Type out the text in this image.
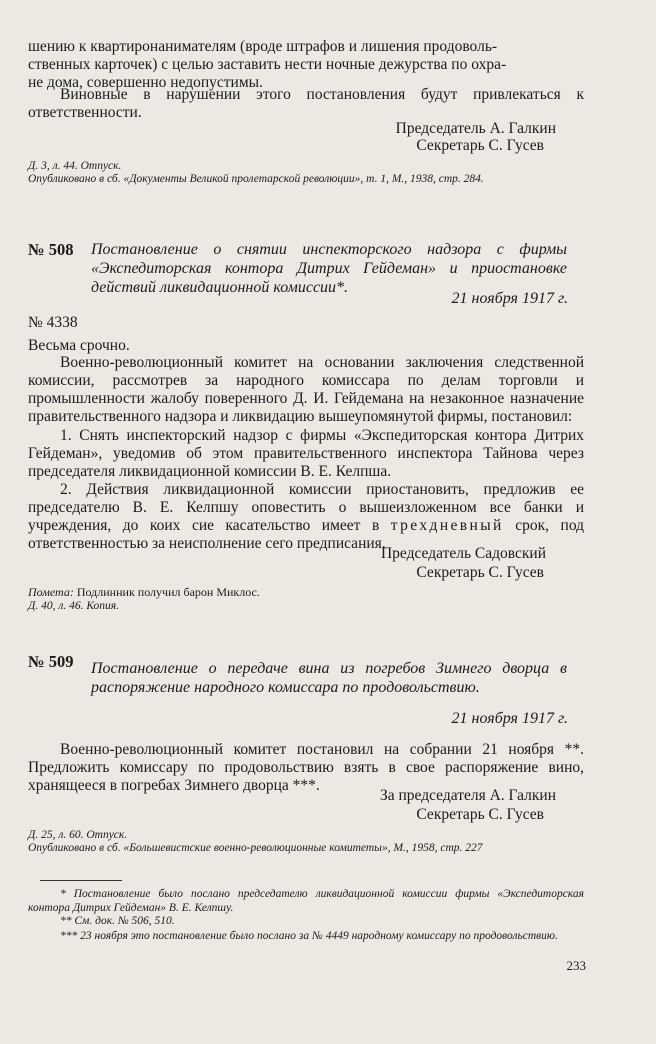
шению к квартиронанимателям (вроде штрафов и лишения продоволь-
ственных карточек) с целью заставить нести ночные дежурства по охра-
не дома, совершенно недопустимы.
Виновные в нарушении этого постановления будут привлекаться к ответственности.
Председатель А. Галкин
Секретарь С. Гусев
Д. 3, л. 44. Отпуск.
Опубликовано в сб. «Документы Великой пролетарской революции», т. 1, М., 1938, стр. 284.
№ 508 Постановление о снятии инспекторского надзора с фирмы «Экспедиторская контора Дитрих Гейдеман» и приостановке действий ликвидационной комиссии*.
21 ноября 1917 г.
№ 4338
Весьма срочно.
Военно-революционный комитет на основании заключения следственной комиссии, рассмотрев за народного комиссара по делам торговли и промышленности жалобу поверенного Д. И. Гейдемана на незаконное назначение правительственного надзора и ликвидацию вышеупомянутой фирмы, постановил:
1. Снять инспекторский надзор с фирмы «Экспедиторская контора Дитрих Гейдеман», уведомив об этом правительственного инспектора Тайнова через председателя ликвидационной комиссии В. Е. Келпша.
2. Действия ликвидационной комиссии приостановить, предложив ее председателю В. Е. Келпшу оповестить о вышеизложенном все банки и учреждения, до коих сие касательство имеет в трехдневный срок, под ответственностью за неисполнение сего предписания.
Председатель Садовский
Секретарь С. Гусев
Помета: Подлинник получил барон Миклос.
Д. 40, л. 46. Копия.
№ 509 Постановление о передаче вина из погребов Зимнего дворца в распоряжение народного комиссара по продовольствию.
21 ноября 1917 г.
Военно-революционный комитет постановил на собрании 21 ноября **. Предложить комиссару по продовольствию взять в свое распоряжение вино, хранящееся в погребах Зимнего дворца ***.
За председателя А. Галкин
Секретарь С. Гусев
Д. 25, л. 60. Отпуск.
Опубликовано в сб. «Большевистские военно-революционные комитеты», М., 1958, стр. 227
* Постановление было послано председателю ликвидационной комиссии фирмы «Экспедиторская контора Дитрих Гейдеман» В. Е. Келпшу.
** См. док. № 506, 510.
*** 23 ноября это постановление было послано за № 4449 народному комиссару по продовольствию.
233
